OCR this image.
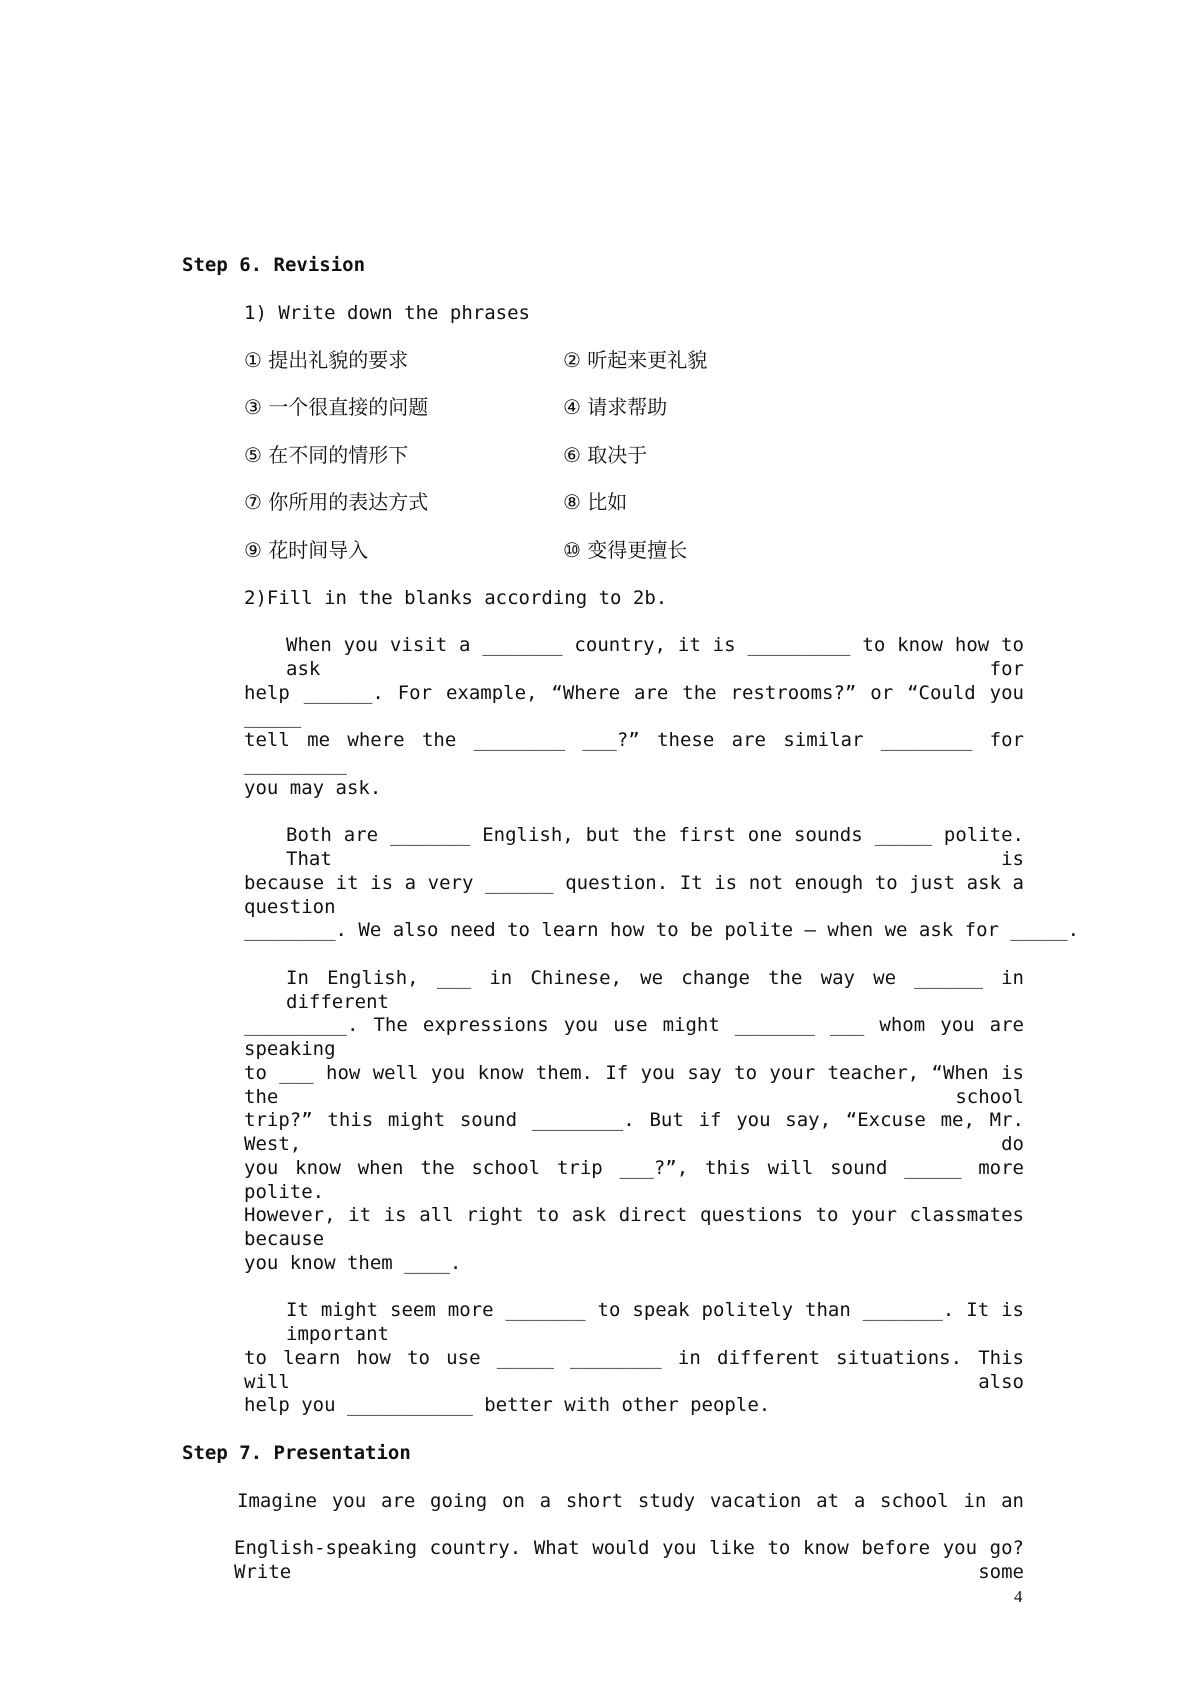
Step 6. Revision
1) Write down the phrases
① 提出礼貌的要求	② 听起来更礼貌
③ 一个很直接的问题	④ 请求帮助
⑤ 在不同的情形下	⑥ 取决于
⑦ 你所用的表达方式	⑧ 比如
⑨ 花时间导入	⑩ 变得更擅长
2)Fill in the blanks according to 2b.
When you visit a _______ country, it is _________ to know how to ask for
help ______. For example, “Where are the restrooms?” or “Could you _____
tell me where the ________ ___?” these are similar ________ for _________
you may ask.
Both are _______ English, but the first one sounds _____ polite. That is
because it is a very ______ question. It is not enough to just ask a question
________. We also need to learn how to be polite — when we ask for _____.
In English, ___ in Chinese, we change the way we ______ in different
_________. The expressions you use might _______ ___ whom you are speaking
to ___ how well you know them. If you say to your teacher, “When is the school
trip?” this might sound ________. But if you say, “Excuse me, Mr. West, do
you know when the school trip ___?”, this will sound _____ more polite.
However, it is all right to ask direct questions to your classmates because
you know them ____.
It might seem more _______ to speak politely than _______. It is important
to learn how to use _____ ________ in different situations. This will also
help you ___________ better with other people.
Step 7. Presentation
Imagine you are going on a short study vacation at a school in an
English-speaking country. What would you like to know before you go? Write some
4
